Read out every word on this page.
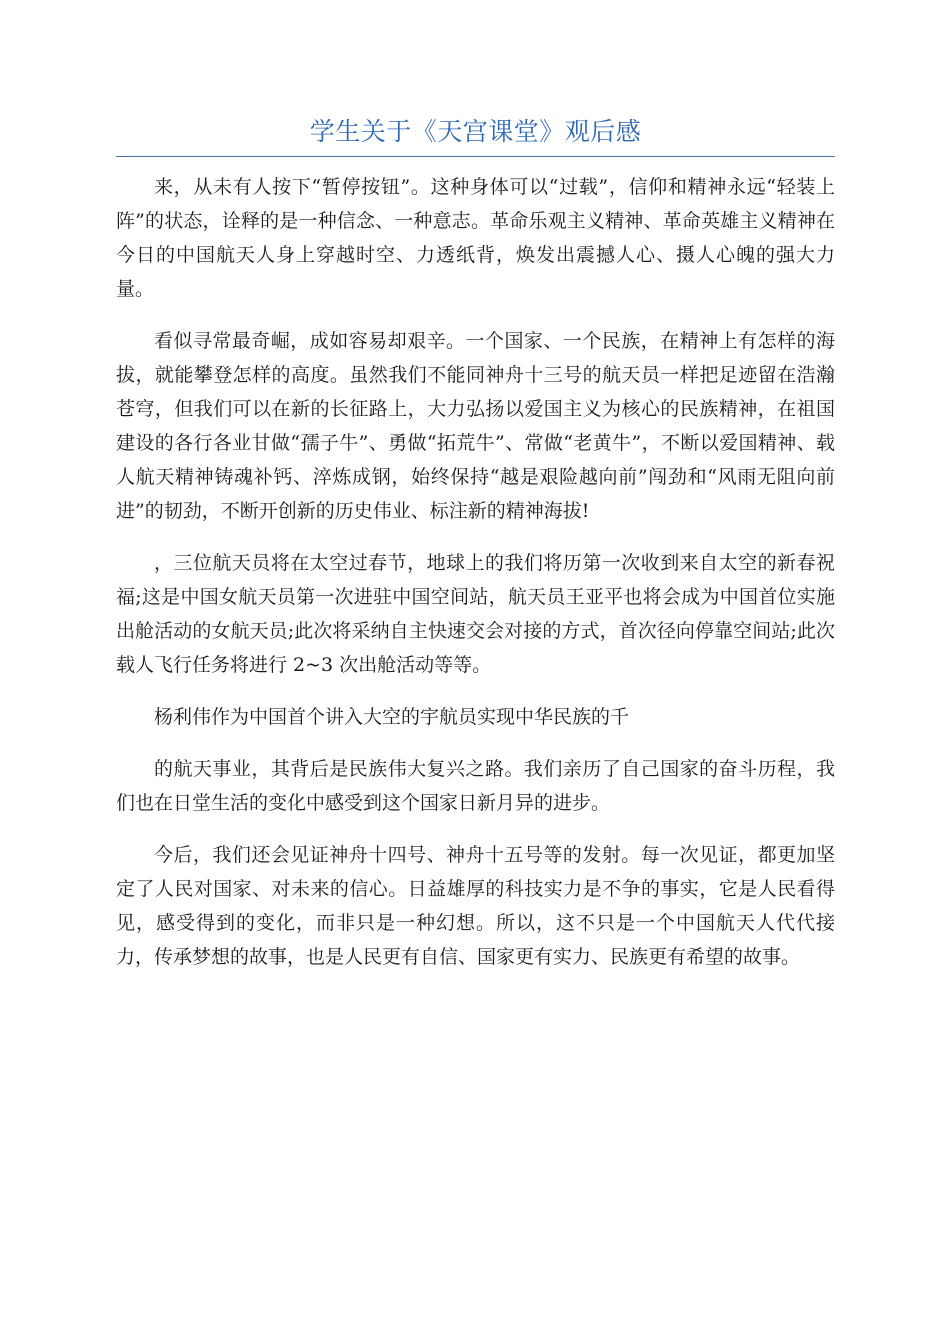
学生关于《天宫课堂》观后感

来，从未有人按下“暂停按钮”。这种身体可以“过载”，信仰和精神永远“轻装上阵”的状态，诠释的是一种信念、一种意志。革命乐观主义精神、革命英雄主义精神在今日的中国航天人身上穿越时空、力透纸背，焕发出震撼人心、摄人心魄的强大力量。

看似寻常最奇崛，成如容易却艰辛。一个国家、一个民族，在精神上有怎样的海拔，就能攀登怎样的高度。虽然我们不能同神舟十三号的航天员一样把足迹留在浩瀚苍穹，但我们可以在新的长征路上，大力弘扬以爱国主义为核心的民族精神，在祖国建设的各行各业甘做“孺子牛”、勇做“拓荒牛”、常做“老黄牛”，不断以爱国精神、载人航天精神铸魂补钙、淬炼成钢，始终保持“越是艰险越向前”闯劲和“风雨无阻向前进”的韧劲，不断开创新的历史伟业、标注新的精神海拔!

，三位航天员将在太空过春节，地球上的我们将历第一次收到来自太空的新春祝福;这是中国女航天员第一次进驻中国空间站，航天员王亚平也将会成为中国首位实施出舱活动的女航天员;此次将采纳自主快速交会对接的方式，首次径向停靠空间站;此次载人飞行任务将进行 2~3 次出舱活动等等。

杨利伟作为中国首个讲入大空的宇航员实现中华民族的千

的航天事业，其背后是民族伟大复兴之路。我们亲历了自己国家的奋斗历程，我们也在日堂生活的变化中感受到这个国家日新月异的进步。

今后，我们还会见证神舟十四号、神舟十五号等的发射。每一次见证，都更加坚定了人民对国家、对未来的信心。日益雄厚的科技实力是不争的事实，它是人民看得见，感受得到的变化，而非只是一种幻想。所以，这不只是一个中国航天人代代接力，传承梦想的故事，也是人民更有自信、国家更有实力、民族更有希望的故事。
